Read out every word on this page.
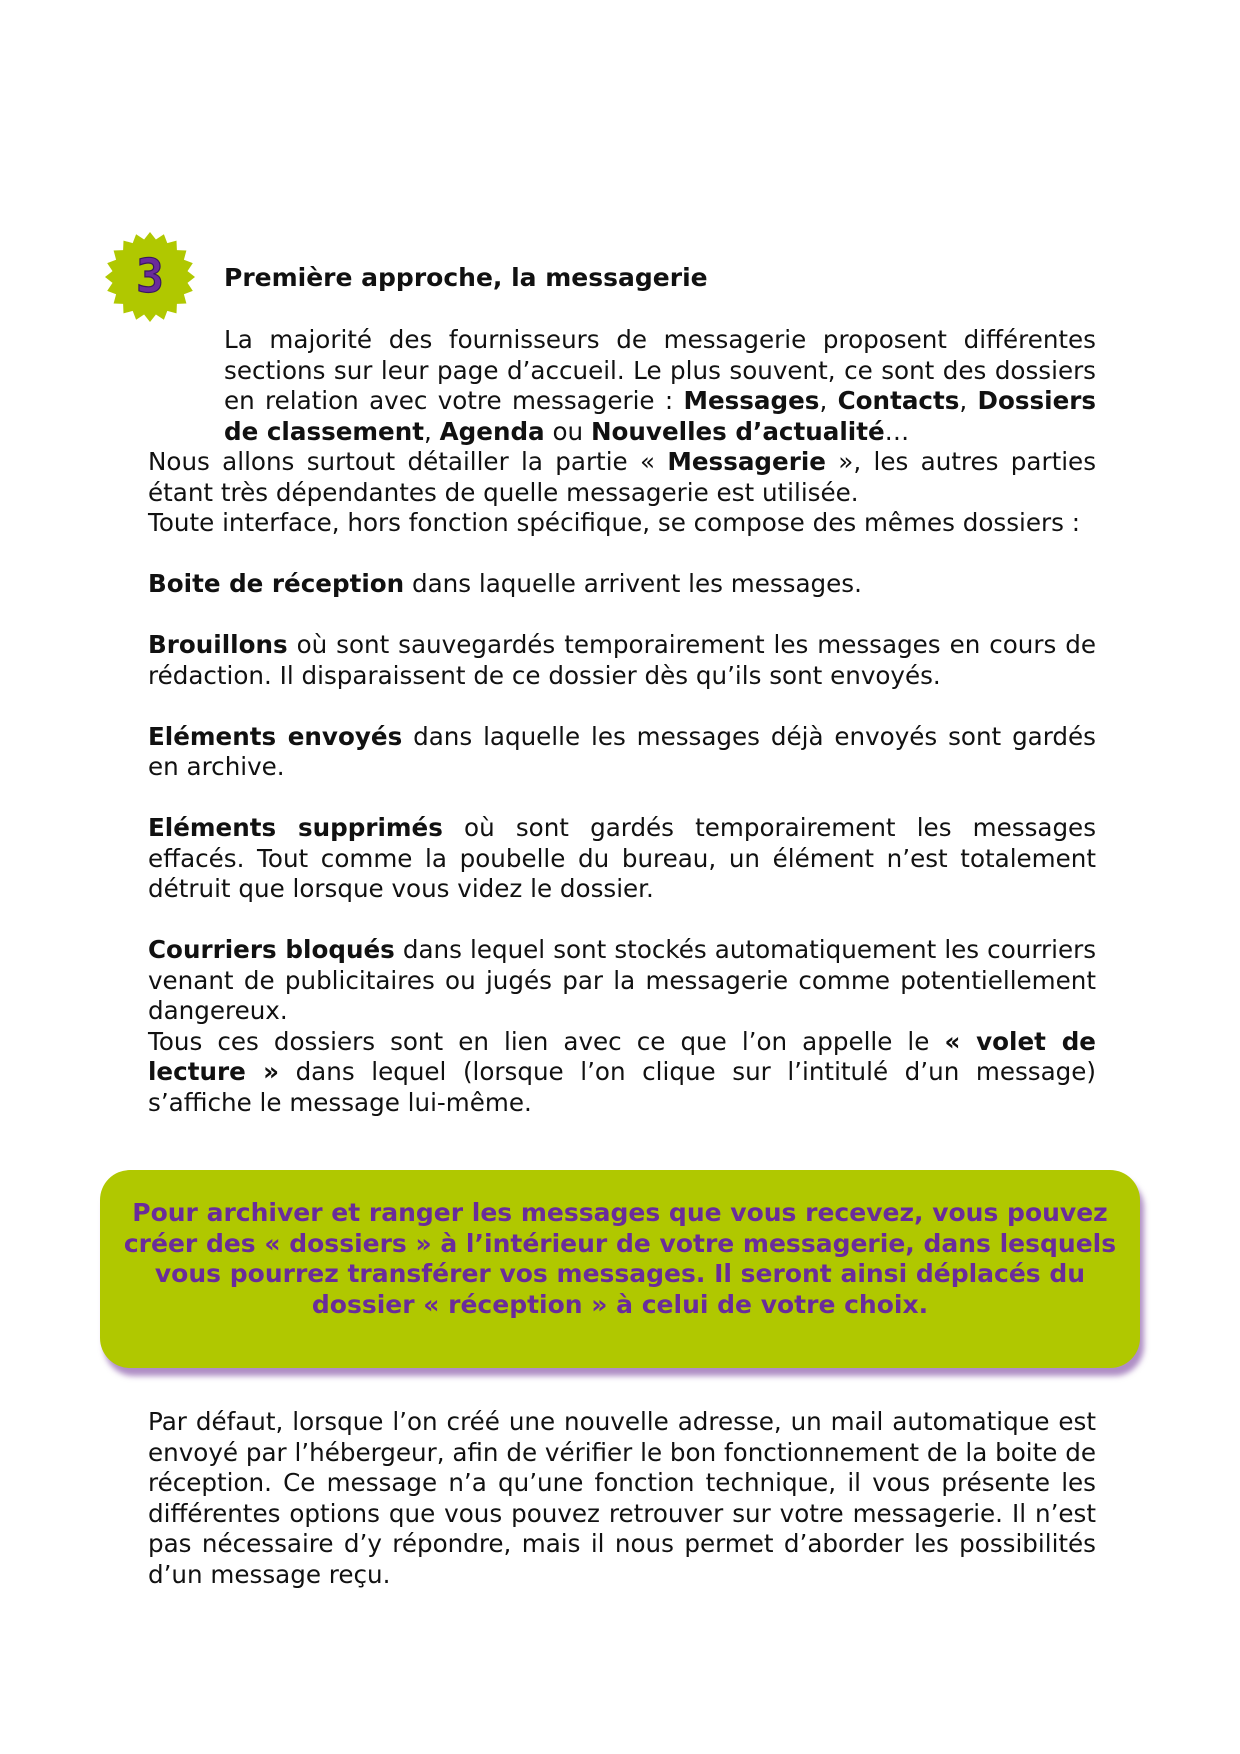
3 Première approche, la messagerie

La majorité des fournisseurs de messagerie proposent différentes sections sur leur page d’accueil. Le plus souvent, ce sont des dossiers en relation avec votre messagerie : Messages, Contacts, Dossiers de classement, Agenda ou Nouvelles d’actualité…

Nous allons surtout détailler la partie « Messagerie », les autres parties étant très dépendantes de quelle messagerie est utilisée.

Toute interface, hors fonction spécifique, se compose des mêmes dossiers :

Boite de réception dans laquelle arrivent les messages.

Brouillons où sont sauvegardés temporairement les messages en cours de rédaction. Il disparaissent de ce dossier dès qu’ils sont envoyés.

Eléments envoyés dans laquelle les messages déjà envoyés sont gardés en archive.

Eléments supprimés où sont gardés temporairement les messages effacés. Tout comme la poubelle du bureau, un élément n’est totalement détruit que lorsque vous videz le dossier.

Courriers bloqués dans lequel sont stockés automatiquement les courriers venant de publicitaires ou jugés par la messagerie comme potentiellement dangereux.

Tous ces dossiers sont en lien avec ce que l’on appelle le « volet de lecture » dans lequel (lorsque l’on clique sur l’intitulé d’un message) s’affiche le message lui-même.

Pour archiver et ranger les messages que vous recevez, vous pouvez créer des « dossiers » à l’intérieur de votre messagerie, dans lesquels vous pourrez transférer vos messages. Il seront ainsi déplacés du dossier « réception » à celui de votre choix.

Par défaut, lorsque l’on créé une nouvelle adresse, un mail automatique est envoyé par l’hébergeur, afin de vérifier le bon fonctionnement de la boite de réception. Ce message n’a qu’une fonction technique, il vous présente les différentes options que vous pouvez retrouver sur votre messagerie. Il n’est pas nécessaire d’y répondre, mais il nous permet d’aborder les possibilités d’un message reçu.
